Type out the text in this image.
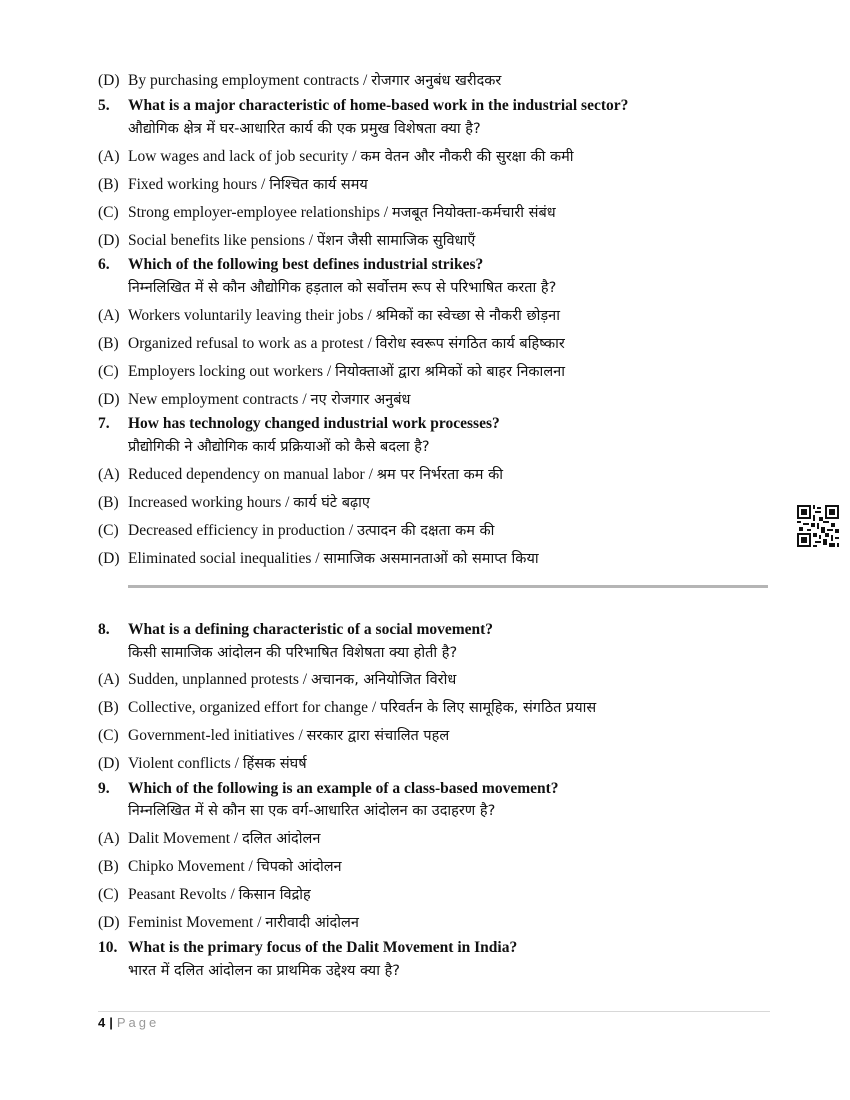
(D) By purchasing employment contracts / रोजगार अनुबंध खरीदकर
5. What is a major characteristic of home-based work in the industrial sector?
औद्योगिक क्षेत्र में घर-आधारित कार्य की एक प्रमुख विशेषता क्या है?
(A) Low wages and lack of job security / कम वेतन और नौकरी की सुरक्षा की कमी
(B) Fixed working hours / निश्चित कार्य समय
(C) Strong employer-employee relationships / मजबूत नियोक्ता-कर्मचारी संबंध
(D) Social benefits like pensions / पेंशन जैसी सामाजिक सुविधाएँ
6. Which of the following best defines industrial strikes?
निम्नलिखित में से कौन औद्योगिक हड़ताल को सर्वोत्तम रूप से परिभाषित करता है?
(A) Workers voluntarily leaving their jobs / श्रमिकों का स्वेच्छा से नौकरी छोड़ना
(B) Organized refusal to work as a protest / विरोध स्वरूप संगठित कार्य बहिष्कार
(C) Employers locking out workers / नियोक्ताओं द्वारा श्रमिकों को बाहर निकालना
(D) New employment contracts / नए रोजगार अनुबंध
7. How has technology changed industrial work processes?
प्रौद्योगिकी ने औद्योगिक कार्य प्रक्रियाओं को कैसे बदला है?
(A) Reduced dependency on manual labor / श्रम पर निर्भरता कम की
(B) Increased working hours / कार्य घंटे बढ़ाए
(C) Decreased efficiency in production / उत्पादन की दक्षता कम की
(D) Eliminated social inequalities / सामाजिक असमानताओं को समाप्त किया
8. What is a defining characteristic of a social movement?
किसी सामाजिक आंदोलन की परिभाषित विशेषता क्या होती है?
(A) Sudden, unplanned protests / अचानक, अनियोजित विरोध
(B) Collective, organized effort for change / परिवर्तन के लिए सामूहिक, संगठित प्रयास
(C) Government-led initiatives / सरकार द्वारा संचालित पहल
(D) Violent conflicts / हिंसक संघर्ष
9. Which of the following is an example of a class-based movement?
निम्नलिखित में से कौन सा एक वर्ग-आधारित आंदोलन का उदाहरण है?
(A) Dalit Movement / दलित आंदोलन
(B) Chipko Movement / चिपको आंदोलन
(C) Peasant Revolts / किसान विद्रोह
(D) Feminist Movement / नारीवादी आंदोलन
10. What is the primary focus of the Dalit Movement in India?
भारत में दलित आंदोलन का प्राथमिक उद्देश्य क्या है?
4 | Page
